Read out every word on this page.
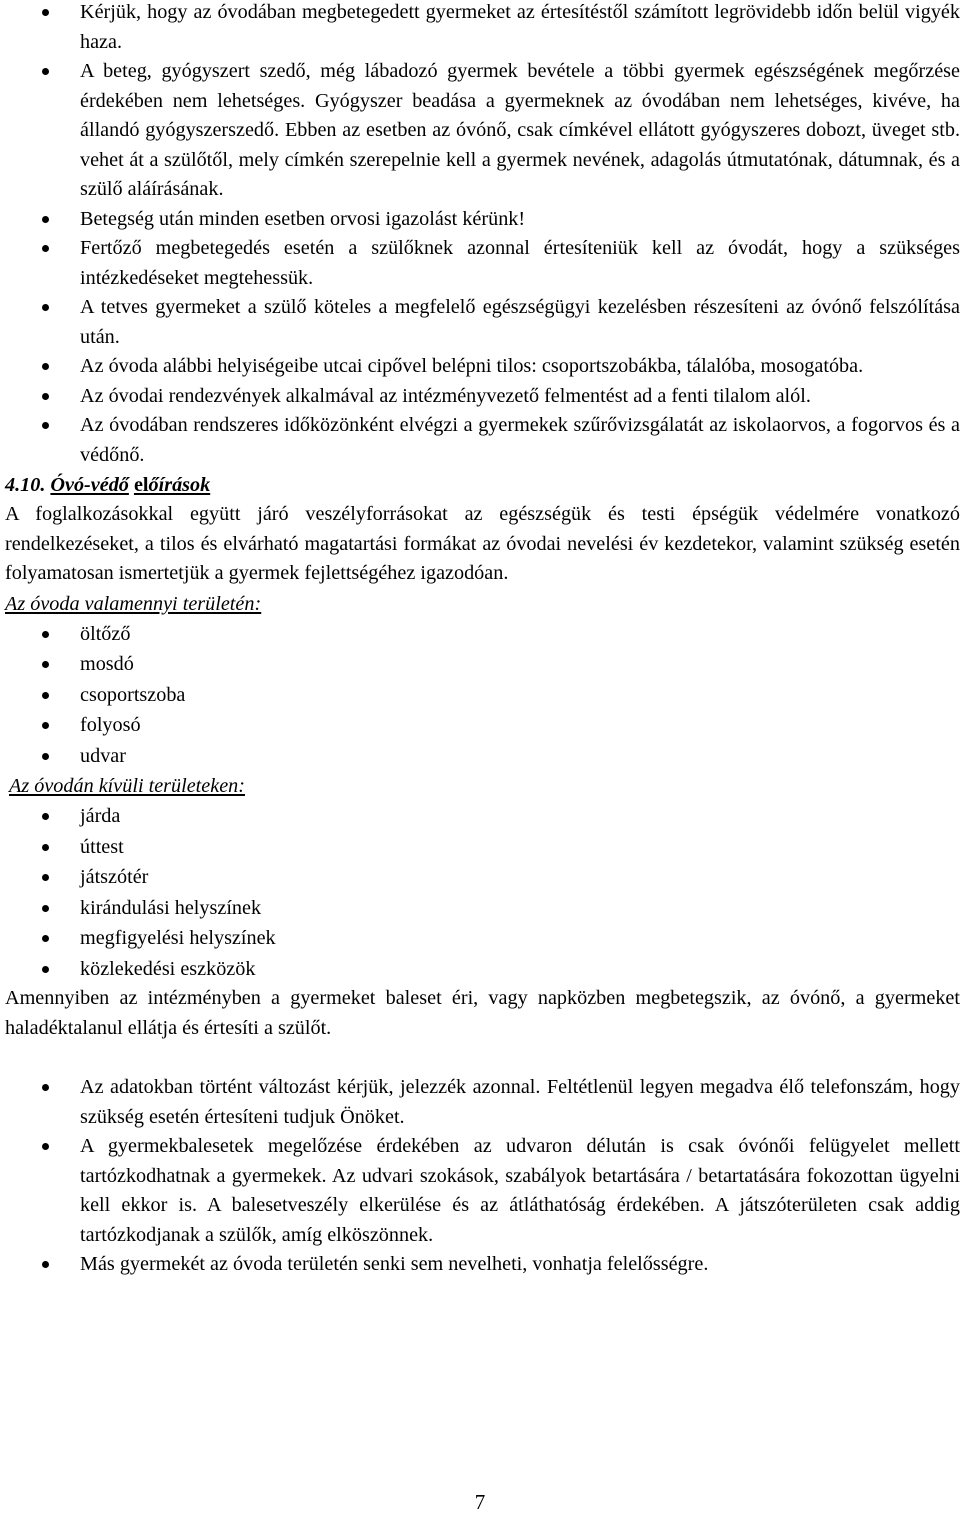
Kérjük, hogy az óvodában megbetegedett gyermeket az értesítéstől számított legrövidebb időn belül vigyék haza.
A beteg, gyógyszert szedő, még lábadozó gyermek bevétele a többi gyermek egészségének megőrzése érdekében nem lehetséges. Gyógyszer beadása a gyermeknek az óvodában nem lehetséges, kivéve, ha állandó gyógyszerszedő. Ebben az esetben az óvónő, csak címkével ellátott gyógyszeres dobozt, üveget stb. vehet át a szülőtől, mely címkén szerepelnie kell a gyermek nevének, adagolás útmutatónak, dátumnak, és a szülő aláírásának.
Betegség után minden esetben orvosi igazolást kérünk!
Fertőző megbetegedés esetén a szülőknek azonnal értesíteniük kell az óvodát, hogy a szükséges intézkedéseket megtehessük.
A tetves gyermeket a szülő köteles a megfelelő egészségügyi kezelésben részesíteni az óvónő felszólítása után.
Az óvoda alábbi helyiségeibe utcai cipővel belépni tilos: csoportszobákba, tálalóba, mosogatóba.
Az óvodai rendezvények alkalmával az intézményvezető felmentést ad a fenti tilalom alól.
Az óvodában rendszeres időközönként elvégzi a gyermekek szűrővizsgálatát az iskolaorvos, a fogorvos és a védőnő.
4.10. Óvó-védő előírások

A foglalkozásokkal együtt járó veszélyforrásokat az egészségük és testi épségük védelmére vonatkozó rendelkezéseket, a tilos és elvárható magatartási formákat az óvodai nevelési év kezdetekor, valamint szükség esetén folyamatosan ismertetjük a gyermek fejlettségéhez igazodóan.

Az óvoda valamennyi területén:
öltőző
mosdó
csoportszoba
folyosó
udvar
Az óvodán kívüli területeken:
járda
úttest
játszótér
kirándulási helyszínek
megfigyelési helyszínek
közlekedési eszközök

Amennyiben az intézményben a gyermeket baleset éri, vagy napközben megbetegszik, az óvónő, a gyermeket haladéktalanul ellátja és értesíti a szülőt.

Az adatokban történt változást kérjük, jelezzék azonnal. Feltétlenül legyen megadva élő telefonszám, hogy szükség esetén értesíteni tudjuk Önöket.
A gyermekbalesetek megelőzése érdekében az udvaron délután is csak óvónői felügyelet mellett tartózkodhatnak a gyermekek. Az udvari szokások, szabályok betartására / betartatására fokozottan ügyelni kell ekkor is. A balesetveszély elkerülése és az átláthatóság érdekében. A játszóterületen csak addig tartózkodjanak a szülők, amíg elköszönnek.
Más gyermekét az óvoda területén senki sem nevelheti, vonhatja felelősségre.
7
